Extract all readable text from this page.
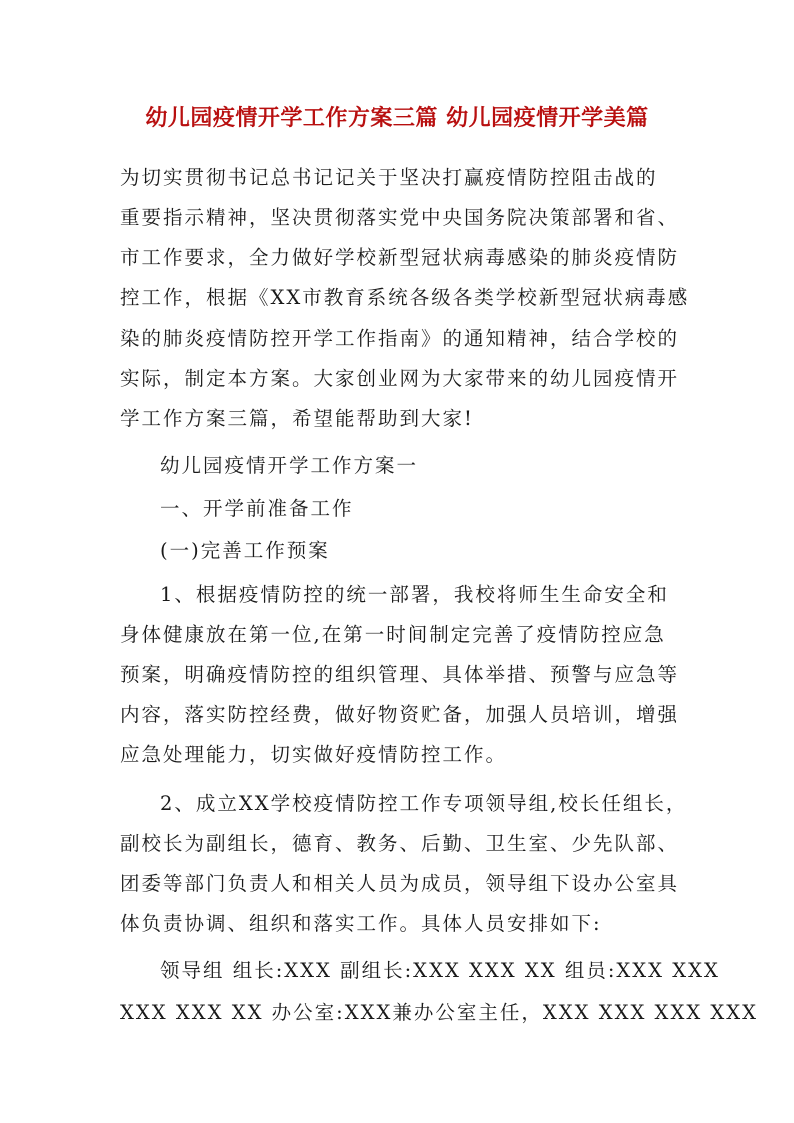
幼儿园疫情开学工作方案三篇 幼儿园疫情开学美篇
为切实贯彻书记总书记记关于坚决打赢疫情防控阻击战的
重要指示精神，坚决贯彻落实党中央国务院决策部署和省、
市工作要求，全力做好学校新型冠状病毒感染的肺炎疫情防
控工作，根据《XX市教育系统各级各类学校新型冠状病毒感
染的肺炎疫情防控开学工作指南》的通知精神，结合学校的
实际，制定本方案。大家创业网为大家带来的幼儿园疫情开
学工作方案三篇，希望能帮助到大家!
幼儿园疫情开学工作方案一
一、开学前准备工作
(一)完善工作预案
1、根据疫情防控的统一部署，我校将师生生命安全和
身体健康放在第一位,在第一时间制定完善了疫情防控应急
预案，明确疫情防控的组织管理、具体举措、预警与应急等
内容，落实防控经费，做好物资贮备，加强人员培训，增强
应急处理能力，切实做好疫情防控工作。
2、成立XX学校疫情防控工作专项领导组,校长任组长，
副校长为副组长，德育、教务、后勤、卫生室、少先队部、
团委等部门负责人和相关人员为成员，领导组下设办公室具
体负责协调、组织和落实工作。具体人员安排如下:
领导组 组长:XXX 副组长:XXX XXX XX 组员:XXX XXX
XXX XXX XX 办公室:XXX兼办公室主任，XXX XXX XXX XXX
